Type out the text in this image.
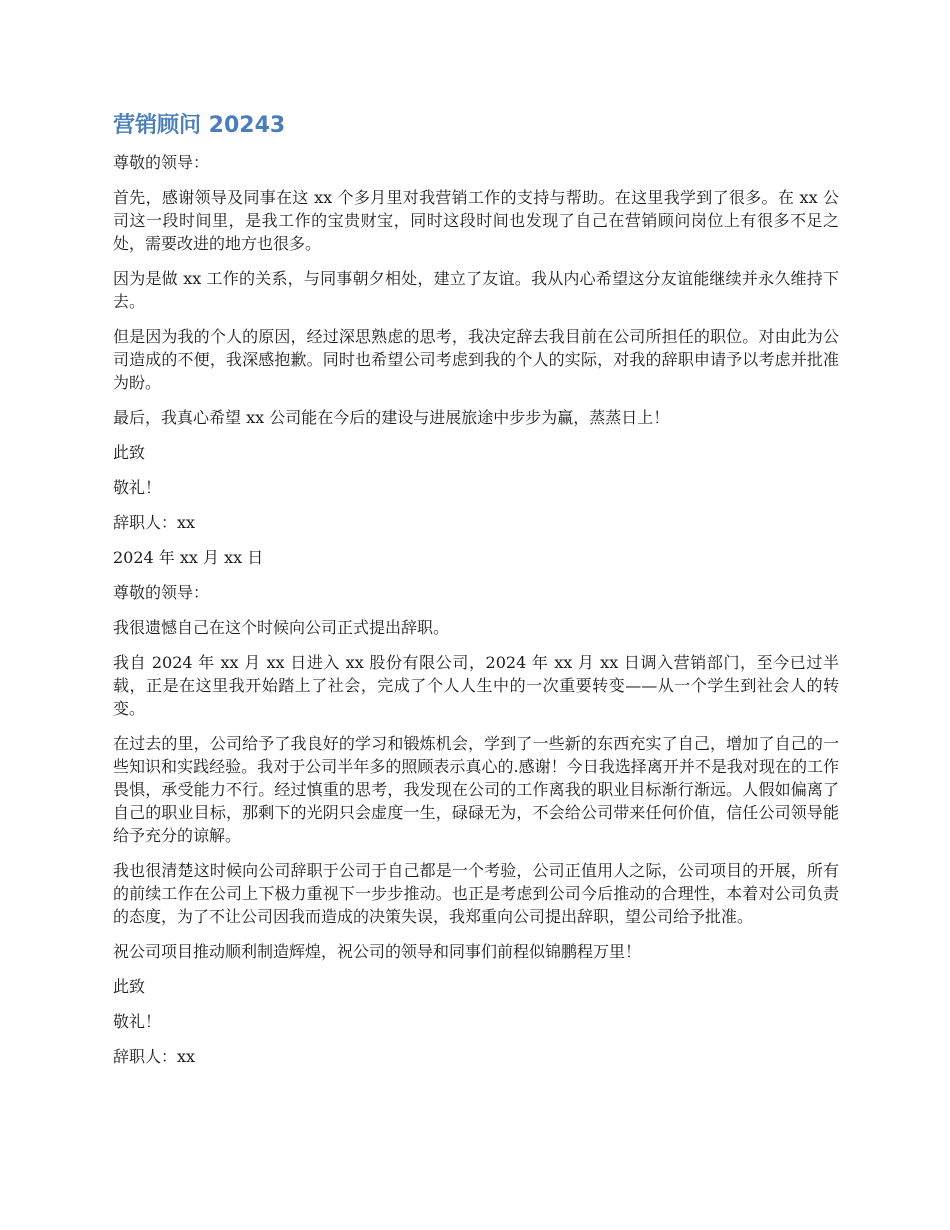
营销顾问 20243

尊敬的领导：

首先，感谢领导及同事在这 xx 个多月里对我营销工作的支持与帮助。在这里我学到了很多。在 xx 公司这一段时间里，是我工作的宝贵财宝，同时这段时间也发现了自己在营销顾问岗位上有很多不足之处，需要改进的地方也很多。

因为是做 xx 工作的关系，与同事朝夕相处，建立了友谊。我从内心希望这分友谊能继续并永久维持下去。

但是因为我的个人的原因，经过深思熟虑的思考，我决定辞去我目前在公司所担任的职位。对由此为公司造成的不便，我深感抱歉。同时也希望公司考虑到我的个人的实际，对我的辞职申请予以考虑并批准为盼。

最后，我真心希望 xx 公司能在今后的建设与进展旅途中步步为赢，蒸蒸日上！

此致

敬礼！

辞职人：xx

2024 年 xx 月 xx 日

尊敬的领导：

我很遗憾自己在这个时候向公司正式提出辞职。

我自 2024 年 xx 月 xx 日进入 xx 股份有限公司，2024 年 xx 月 xx 日调入营销部门，至今已过半载，正是在这里我开始踏上了社会，完成了个人人生中的一次重要转变——从一个学生到社会人的转变。

在过去的里，公司给予了我良好的学习和锻炼机会，学到了一些新的东西充实了自己，增加了自己的一些知识和实践经验。我对于公司半年多的照顾表示真心的.感谢！今日我选择离开并不是我对现在的工作畏惧，承受能力不行。经过慎重的思考，我发现在公司的工作离我的职业目标渐行渐远。人假如偏离了自己的职业目标，那剩下的光阴只会虚度一生，碌碌无为，不会给公司带来任何价值，信任公司领导能给予充分的谅解。

我也很清楚这时候向公司辞职于公司于自己都是一个考验，公司正值用人之际，公司项目的开展，所有的前续工作在公司上下极力重视下一步步推动。也正是考虑到公司今后推动的合理性，本着对公司负责的态度，为了不让公司因我而造成的决策失误，我郑重向公司提出辞职，望公司给予批准。

祝公司项目推动顺利制造辉煌，祝公司的领导和同事们前程似锦鹏程万里！

此致

敬礼！

辞职人：xx
